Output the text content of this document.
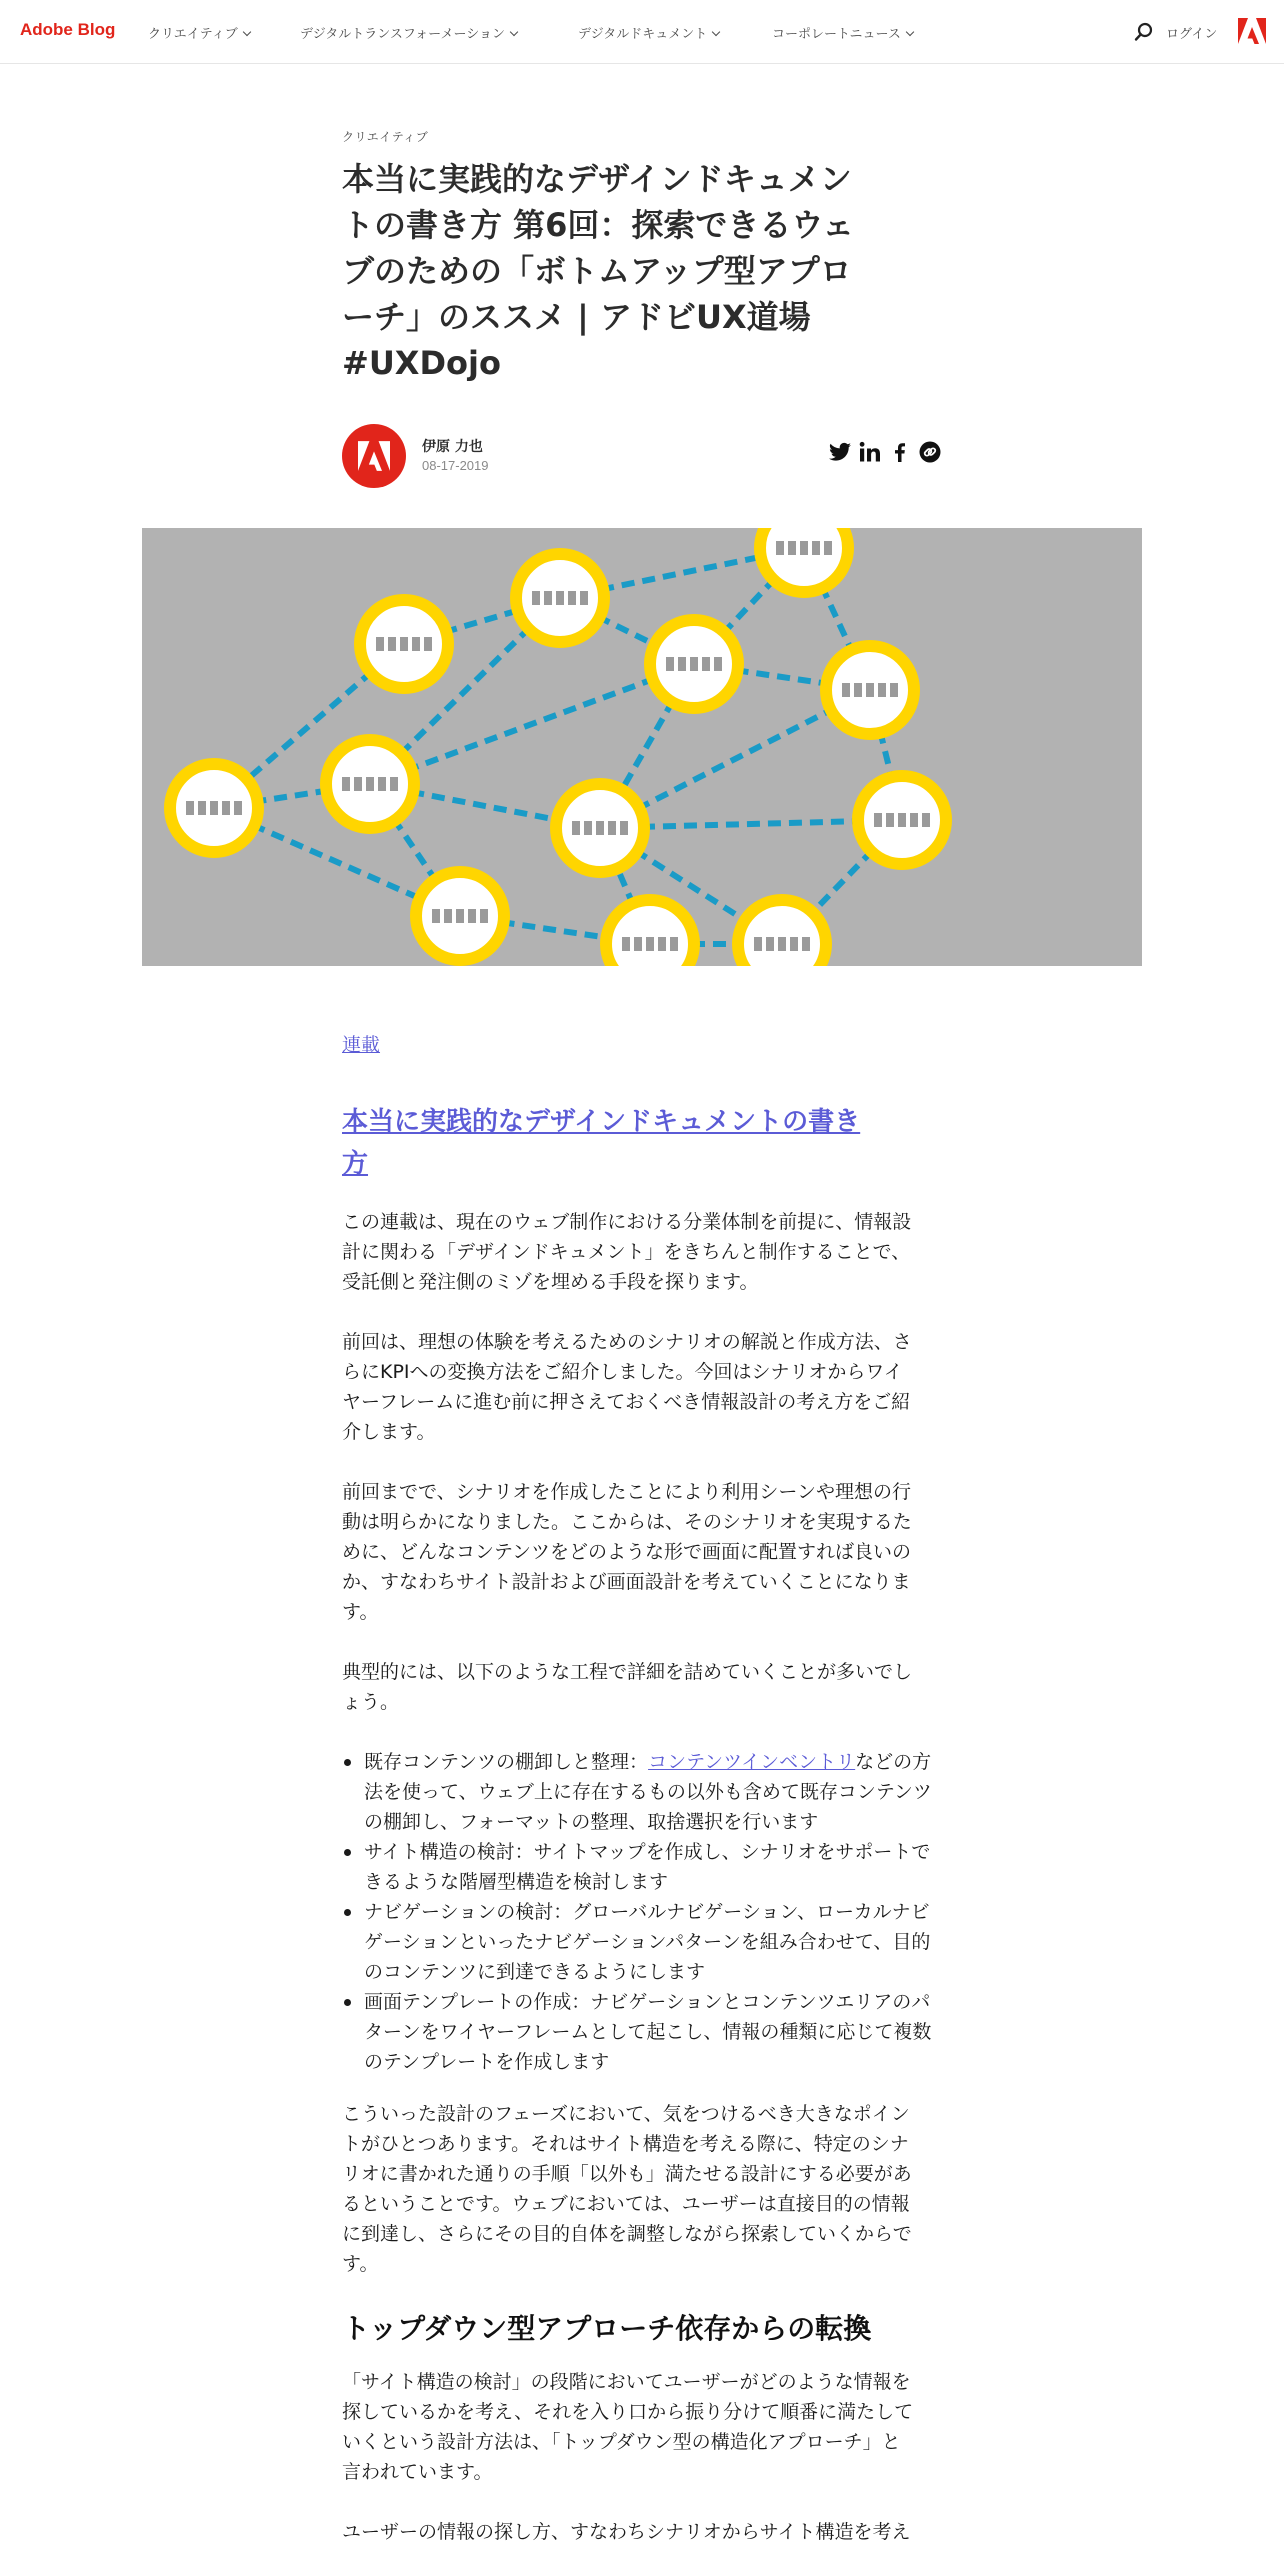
Adobe Blog	クリエイティブ	デジタルトランスフォーメーション	デジタルドキュメント	コーポレートニュース	ログイン
クリエイティブ
本当に実践的なデザインドキュメン
トの書き方 第6回：探索できるウェ
ブのための「ボトムアップ型アプロ
ーチ」のススメ | アドビUX道場
#UXDojo
伊原 力也
08-17-2019
連載
本当に実践的なデザインドキュメントの書き
方
この連載は、現在のウェブ制作における分業体制を前提に、情報設
計に関わる「デザインドキュメント」をきちんと制作することで、
受託側と発注側のミゾを埋める手段を探ります。
前回は、理想の体験を考えるためのシナリオの解説と作成方法、さ
らにKPIへの変換方法をご紹介しました。今回はシナリオからワイ
ヤーフレームに進む前に押さえておくべき情報設計の考え方をご紹
介します。
前回までで、シナリオを作成したことにより利用シーンや理想の行
動は明らかになりました。ここからは、そのシナリオを実現するた
めに、どんなコンテンツをどのような形で画面に配置すれば良いの
か、すなわちサイト設計および画面設計を考えていくことになりま
す。
典型的には、以下のような工程で詳細を詰めていくことが多いでし
ょう。
既存コンテンツの棚卸しと整理：コンテンツインベントリなどの方
法を使って、ウェブ上に存在するもの以外も含めて既存コンテンツ
の棚卸し、フォーマットの整理、取捨選択を行います
サイト構造の検討：サイトマップを作成し、シナリオをサポートで
きるような階層型構造を検討します
ナビゲーションの検討：グローバルナビゲーション、ローカルナビ
ゲーションといったナビゲーションパターンを組み合わせて、目的
のコンテンツに到達できるようにします
画面テンプレートの作成：ナビゲーションとコンテンツエリアのパ
ターンをワイヤーフレームとして起こし、情報の種類に応じて複数
のテンプレートを作成します
こういった設計のフェーズにおいて、気をつけるべき大きなポイン
トがひとつあります。それはサイト構造を考える際に、特定のシナ
リオに書かれた通りの手順「以外も」満たせる設計にする必要があ
るということです。ウェブにおいては、ユーザーは直接目的の情報
に到達し、さらにその目的自体を調整しながら探索していくからで
す。
トップダウン型アプローチ依存からの転換
「サイト構造の検討」の段階においてユーザーがどのような情報を
探しているかを考え、それを入り口から振り分けて順番に満たして
いくという設計方法は、「トップダウン型の構造化アプローチ」と
言われています。
ユーザーの情報の探し方、すなわちシナリオからサイト構造を考え
